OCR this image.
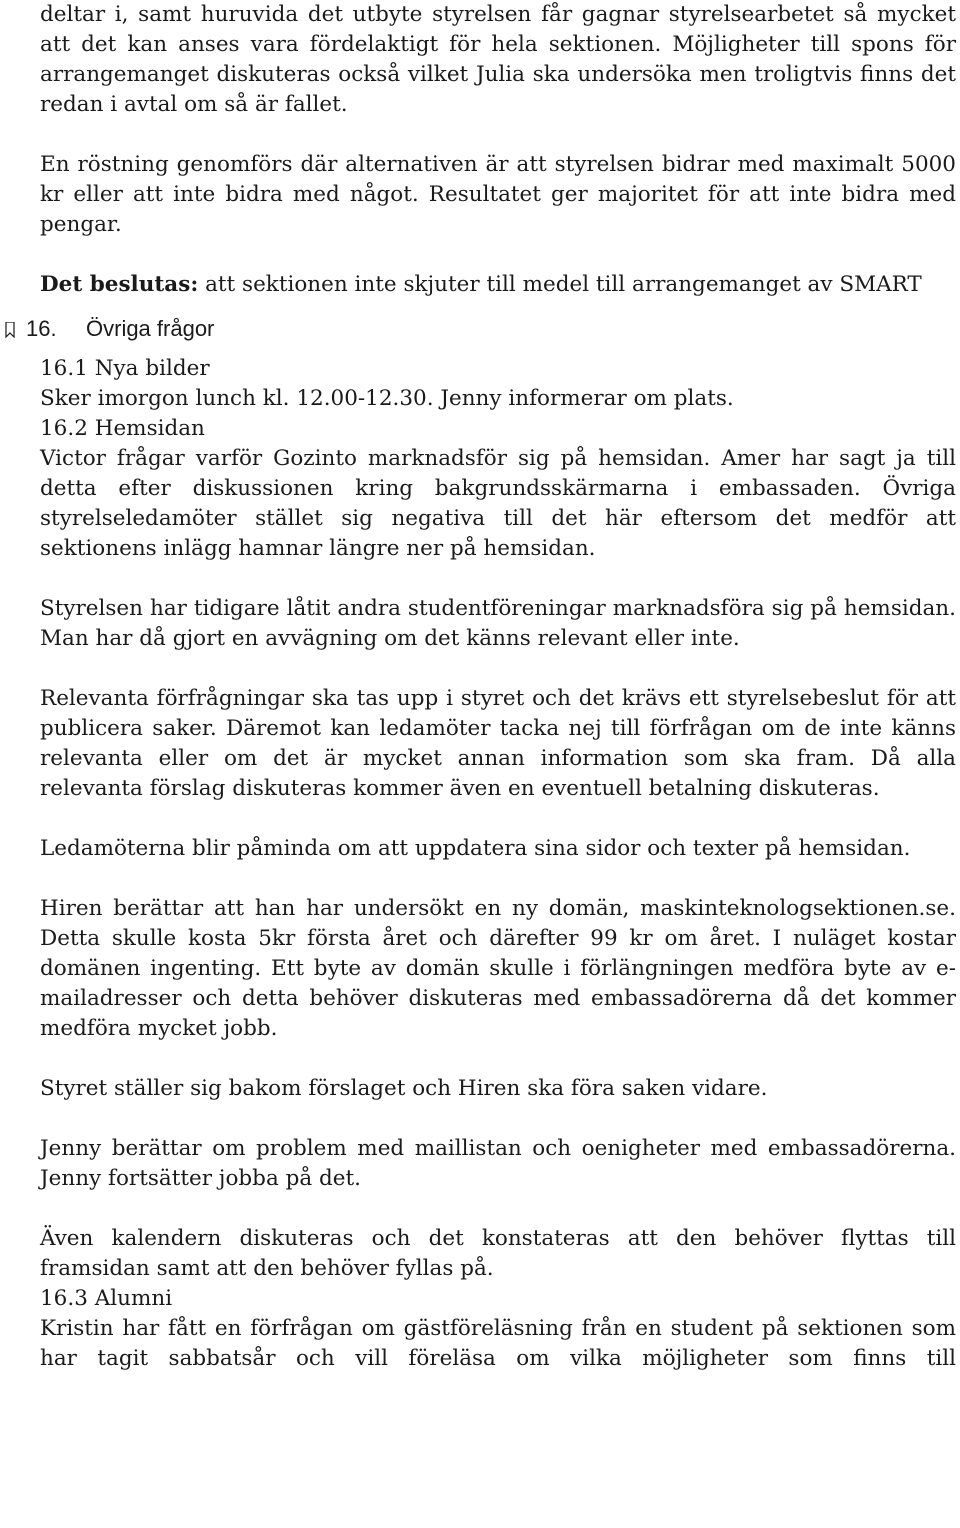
deltar i, samt huruvida det utbyte styrelsen får gagnar styrelsearbetet så mycket att det kan anses vara fördelaktigt för hela sektionen. Möjligheter till spons för arrangemanget diskuteras också vilket Julia ska undersöka men troligtvis finns det redan i avtal om så är fallet.

En röstning genomförs där alternativen är att styrelsen bidrar med maximalt 5000 kr eller att inte bidra med något. Resultatet ger majoritet för att inte bidra med pengar.

Det beslutas: att sektionen inte skjuter till medel till arrangemanget av SMART

16. Övriga frågor

16.1 Nya bilder

Sker imorgon lunch kl. 12.00-12.30. Jenny informerar om plats.

16.2 Hemsidan

Victor frågar varför Gozinto marknadsför sig på hemsidan. Amer har sagt ja till detta efter diskussionen kring bakgrundsskärmarna i embassaden. Övriga styrelseledamöter stället sig negativa till det här eftersom det medför att sektionens inlägg hamnar längre ner på hemsidan.

Styrelsen har tidigare låtit andra studentföreningar marknadsföra sig på hemsidan. Man har då gjort en avvägning om det känns relevant eller inte.

Relevanta förfrågningar ska tas upp i styret och det krävs ett styrelsebeslut för att publicera saker. Däremot kan ledamöter tacka nej till förfrågan om de inte känns relevanta eller om det är mycket annan information som ska fram. Då alla relevanta förslag diskuteras kommer även en eventuell betalning diskuteras.

Ledamöterna blir påminda om att uppdatera sina sidor och texter på hemsidan.

Hiren berättar att han har undersökt en ny domän, maskinteknologsektionen.se. Detta skulle kosta 5kr första året och därefter 99 kr om året. I nuläget kostar domänen ingenting. Ett byte av domän skulle i förlängningen medföra byte av e-mailadresser och detta behöver diskuteras med embassadörerna då det kommer medföra mycket jobb.

Styret ställer sig bakom förslaget och Hiren ska föra saken vidare.

Jenny berättar om problem med maillistan och oenigheter med embassadörerna. Jenny fortsätter jobba på det.

Även kalendern diskuteras och det konstateras att den behöver flyttas till framsidan samt att den behöver fyllas på.

16.3 Alumni

Kristin har fått en förfrågan om gästföreläsning från en student på sektionen som har tagit sabbatsår och vill föreläsa om vilka möjligheter som finns till
